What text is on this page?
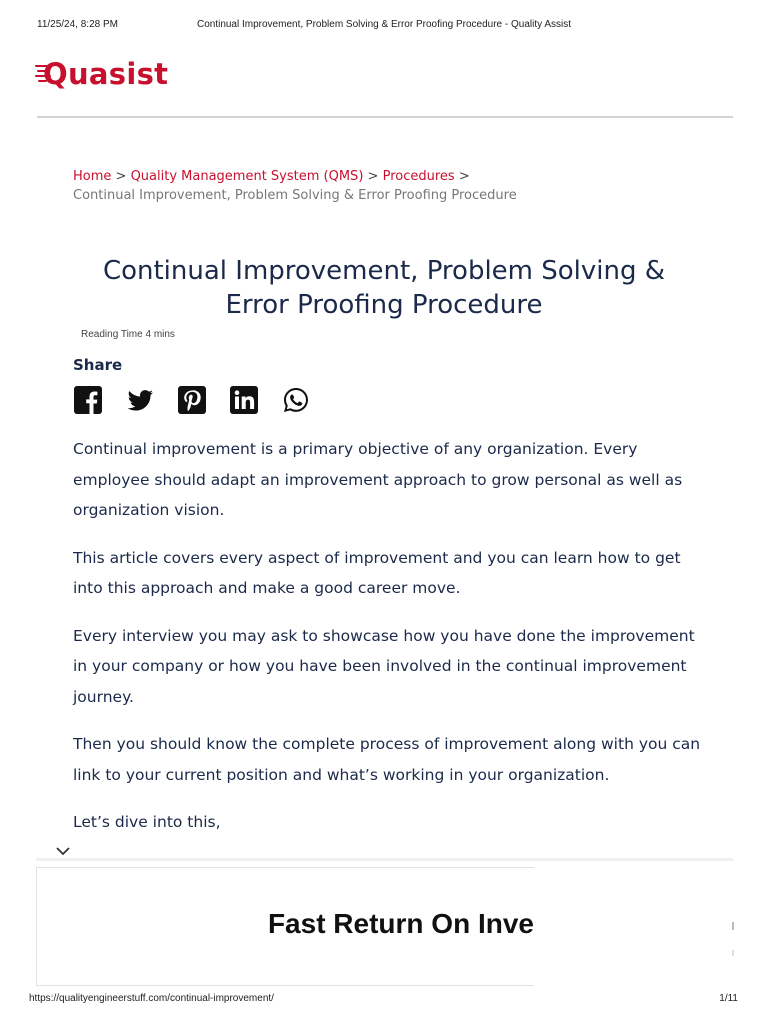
11/25/24, 8:28 PM	Continual Improvement, Problem Solving & Error Proofing Procedure - Quality Assist
Quasist
Home > Quality Management System (QMS) > Procedures >
Continual Improvement, Problem Solving & Error Proofing Procedure
Continual Improvement, Problem Solving & Error Proofing Procedure
Reading Time 4 mins
Share

Continual improvement is a primary objective of any organization. Every employee should adapt an improvement approach to grow personal as well as organization vision.

This article covers every aspect of improvement and you can learn how to get into this approach and make a good career move.

Every interview you may ask to showcase how you have done the improvement in your company or how you have been involved in the continual improvement journey.

Then you should know the complete process of improvement along with you can link to your current position and what’s working in your organization.

Let’s dive into this,

Fast Return On Inve
https://qualityengineerstuff.com/continual-improvement/	1/11
